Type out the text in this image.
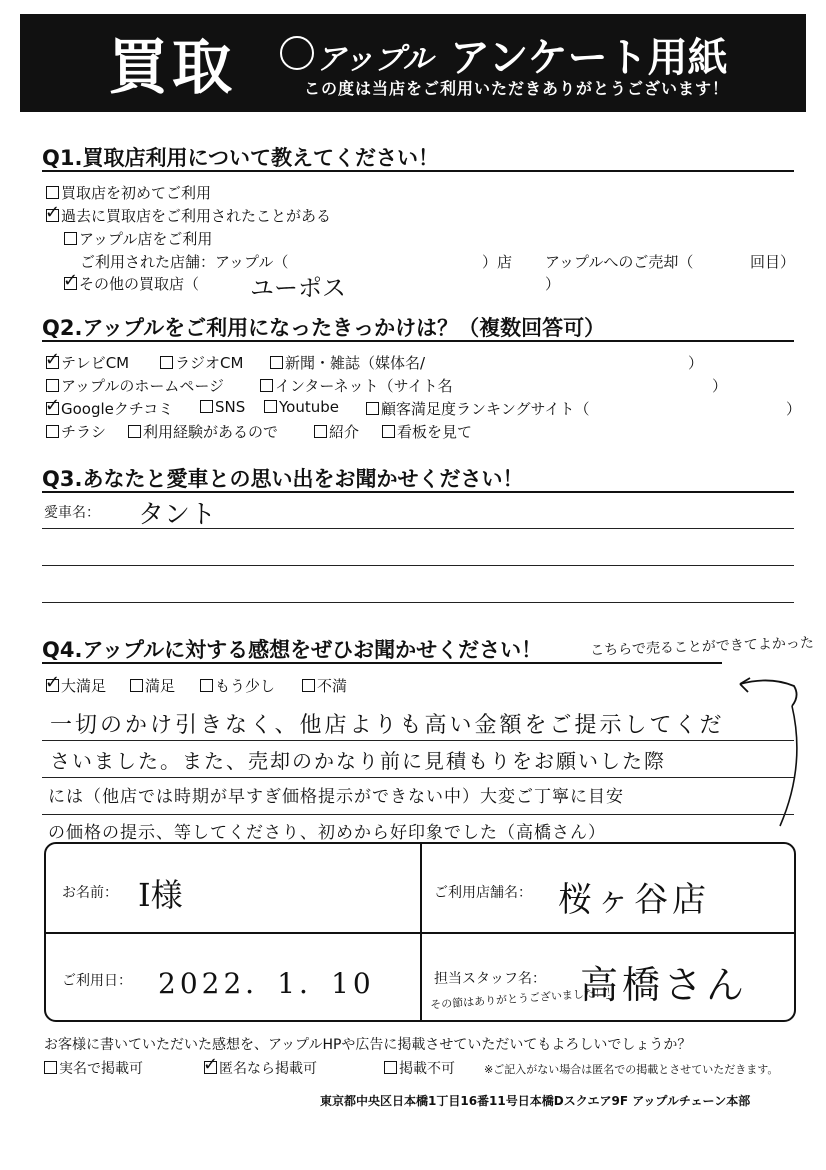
買取	アップル アンケート用紙
この度は当店をご利用いただきありがとうございます！
Q1.買取店利用について教えてください！
買取店を初めてご利用
✓過去に買取店をご利用されたことがある
アップル店をご利用
ご利用された店舗：アップル（	）店 アップルへのご売却（	回目）
✓その他の買取店（ ユーポス	）
Q2.アップルをご利用になったきっかけは？（複数回答可）
✓テレビCM	ラジオCM	新聞・雑誌（媒体名/	）
アップルのホームページ	インターネット（サイト名	）
✓Googleクチコミ	SNS	Youtube	顧客満足度ランキングサイト（	）
チラシ	利用経験があるので	紹介	看板を見て
Q3.あなたと愛車との思い出をお聞かせください！
愛車名： タント
Q4.アップルに対する感想をぜひお聞かせください！	こちらで売ることができてよかった
✓大満足	満足	もう少し	不満
一切のかけ引きなく、他店よりも高い金額をご提示してくだ
さいました。また、売却のかなり前に見積もりをお願いした際
には（他店では時期が早すぎ価格提示ができない中）大変ご丁寧に目安
の価格の提示、等してくださり、初めから好印象でした（高橋さん）
お名前： I様	ご利用店舗名： 桜ヶ谷店
ご利用日： 2022．1．10	担当スタッフ名： 高橋さん
その節はありがとうございました！！
お客様に書いていただいた感想を、アップルHPや広告に掲載させていただいてもよろしいでしょうか？
実名で掲載可
✓	匿名なら掲載可	掲載不可	※ご記入がない場合は匿名での掲載とさせていただきます。
東京都中央区日本橋1丁目16番11号日本橋Dスクエア9F アップルチェーン本部
